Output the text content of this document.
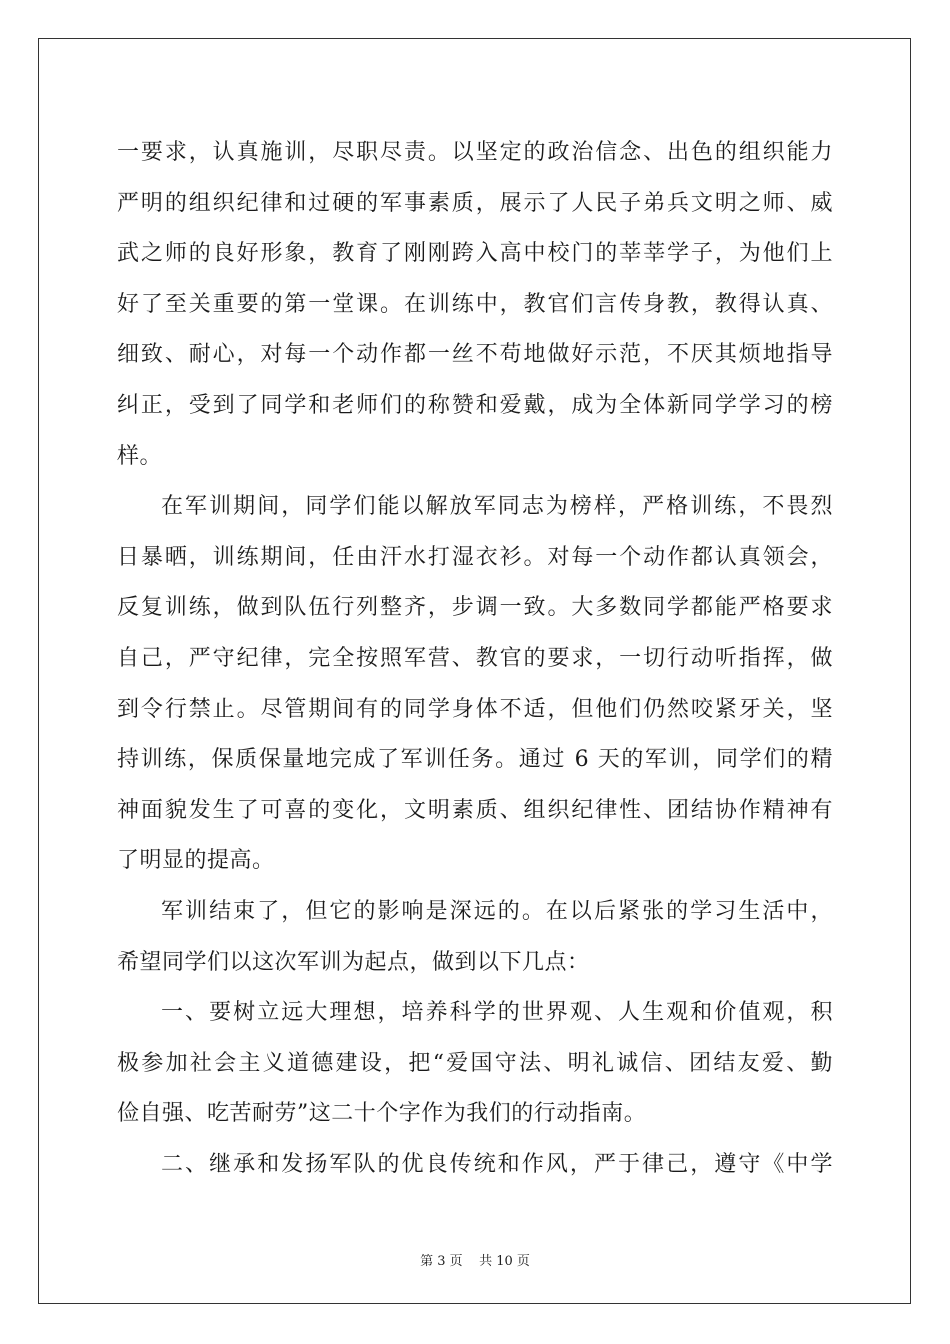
一要求，认真施训，尽职尽责。以坚定的政治信念、出色的组织能力
严明的组织纪律和过硬的军事素质，展示了人民子弟兵文明之师、威
武之师的良好形象，教育了刚刚跨入高中校门的莘莘学子，为他们上
好了至关重要的第一堂课。在训练中，教官们言传身教，教得认真、
细致、耐心，对每一个动作都一丝不苟地做好示范，不厌其烦地指导
纠正，受到了同学和老师们的称赞和爱戴，成为全体新同学学习的榜
样。
在军训期间，同学们能以解放军同志为榜样，严格训练，不畏烈
日暴晒，训练期间，任由汗水打湿衣衫。对每一个动作都认真领会，
反复训练，做到队伍行列整齐，步调一致。大多数同学都能严格要求
自己，严守纪律，完全按照军营、教官的要求，一切行动听指挥，做
到令行禁止。尽管期间有的同学身体不适，但他们仍然咬紧牙关，坚
持训练，保质保量地完成了军训任务。通过 6 天的军训，同学们的精
神面貌发生了可喜的变化，文明素质、组织纪律性、团结协作精神有
了明显的提高。
军训结束了，但它的影响是深远的。在以后紧张的学习生活中，
希望同学们以这次军训为起点，做到以下几点：
一、要树立远大理想，培养科学的世界观、人生观和价值观，积
极参加社会主义道德建设，把“爱国守法、明礼诚信、团结友爱、勤
俭自强、吃苦耐劳”这二十个字作为我们的行动指南。
二、继承和发扬军队的优良传统和作风，严于律己，遵守《中学
第 3 页    共 10 页
